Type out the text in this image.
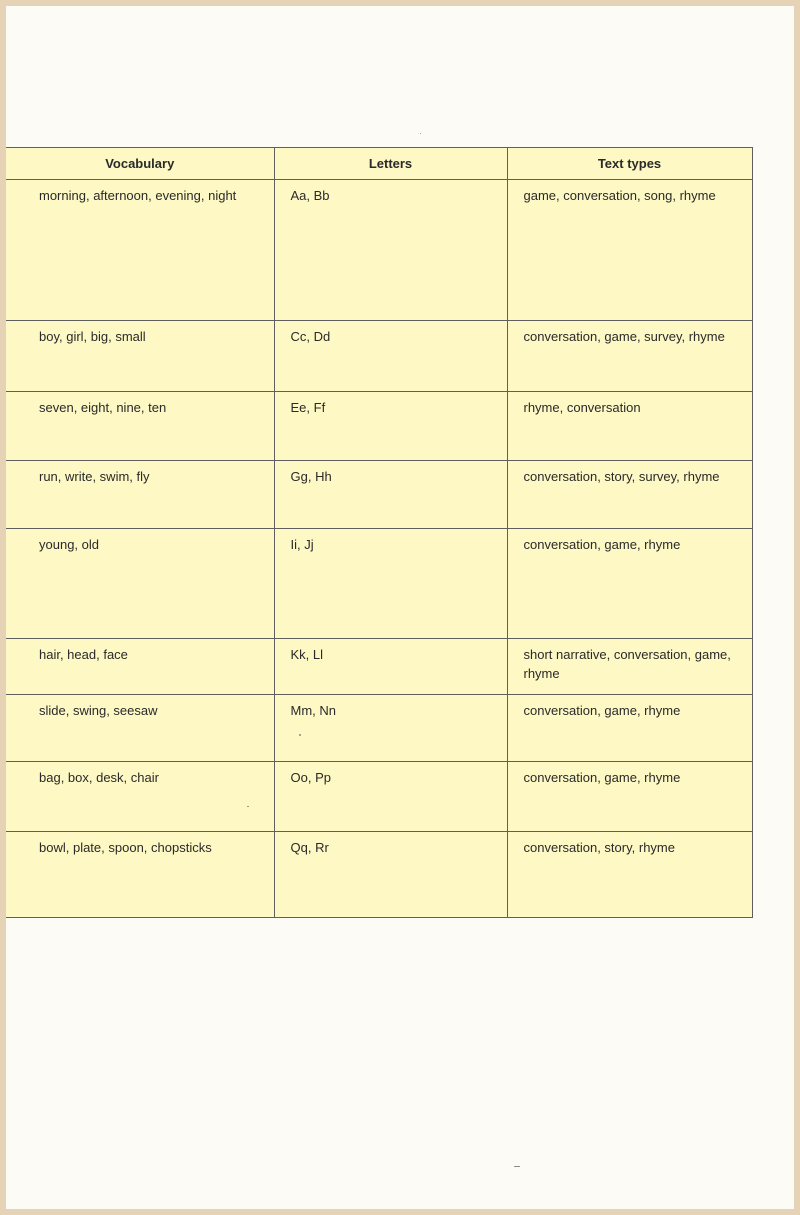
Vocabulary	Letters	Text types
morning, afternoon, evening, night	Aa, Bb	game, conversation, song, rhyme
boy, girl, big, small	Cc, Dd	conversation, game, survey, rhyme
seven, eight, nine, ten	Ee, Ff	rhyme, conversation
run, write, swim, fly	Gg, Hh	conversation, story, survey, rhyme
young, old	Ii, Jj	conversation, game, rhyme
hair, head, face	Kk, Ll	short narrative, conversation, game, rhyme
slide, swing, seesaw	Mm, Nn	conversation, game, rhyme
bag, box, desk, chair	Oo, Pp	conversation, game, rhyme
bowl, plate, spoon, chopsticks	Qq, Rr	conversation, story, rhyme
